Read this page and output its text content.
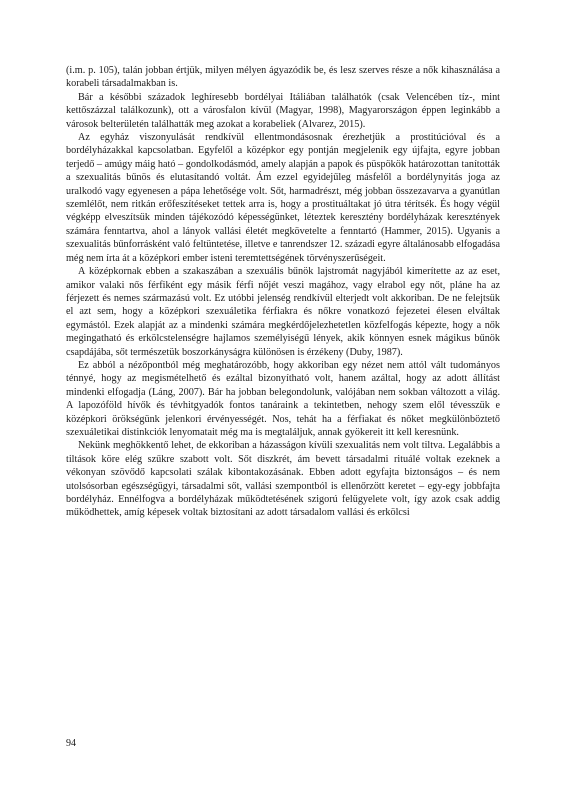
(i.m. p. 105), talán jobban értjük, milyen mélyen ágyazódik be, és lesz szerves része a nők kihasználása a korabeli társadalmakban is.

Bár a későbbi századok leghíresebb bordélyai Itáliában találhatók (csak Velencében tíz-, mint kettőszázzal találkozunk), ott a városfalon kívül (Magyar, 1998), Magyarországon éppen leginkább a városok belterületén találhatták meg azokat a korabeliek (Alvarez, 2015).

Az egyház viszonyulását rendkívül ellentmondásosnak érezhetjük a prostitúcióval és a bordélyházakkal kapcsolatban. Egyfelől a középkor egy pontján megjelenik egy újfajta, egyre jobban terjedő – amúgy máig ható – gondolkodásmód, amely alapján a papok és püspökök határozottan tanították a szexualitás bűnös és elutasítandó voltát. Ám ezzel egyidejűleg másfelől a bordélynyitás joga az uralkodó vagy egyenesen a pápa lehetősége volt. Sőt, harmadrészt, még jobban összezavarva a gyanútlan szemlélőt, nem ritkán erőfeszítéseket tettek arra is, hogy a prostituáltakat jó útra térítsék. És hogy végül végképp elveszítsük minden tájékozódó képességünket, léteztek keresztény bordélyházak keresztények számára fenntartva, ahol a lányok vallási életét megkövetelte a fenntartó (Hammer, 2015). Ugyanis a szexualitás bűnforrásként való feltüntetése, illetve e tanrendszer 12. századi egyre általánosabb elfogadása még nem írta át a középkori ember isteni teremtettségének törvényszerűségeit.

A középkornak ebben a szakaszában a szexuális bűnök lajstromát nagyjából kimerítette az az eset, amikor valaki nős férfiként egy másik férfi nőjét veszi magához, vagy elrabol egy nőt, pláne ha az férjezett és nemes származású volt. Ez utóbbi jelenség rendkívül elterjedt volt akkoriban. De ne felejtsük el azt sem, hogy a középkori szexuáletika férfiakra és nőkre vonatkozó fejezetei élesen elváltak egymástól. Ezek alapját az a mindenki számára megkérdőjelezhetetlen közfelfogás képezte, hogy a nők megingatható és erkölcstelenségre hajlamos személyiségű lények, akik könnyen esnek mágikus bűnök csapdájába, sőt természetük boszorkányságra különösen is érzékeny (Duby, 1987).

Ez abból a nézőpontból még meghatározóbb, hogy akkoriban egy nézet nem attól vált tudományos ténnyé, hogy az megismételhető és ezáltal bizonyítható volt, hanem azáltal, hogy az adott állítást mindenki elfogadja (Láng, 2007). Bár ha jobban belegondolunk, valójában nem sokban változott a világ. A lapozóföld hívők és tévhitgyadók fontos tanáraink a tekintetben, nehogy szem elől tévesszük e középkori örökségünk jelenkori érvényességét. Nos, tehát ha a férfiakat és nőket megkülönböztető szexuáletikai distinkciók lenyomatait még ma is megtaláljuk, annak gyökereit itt kell keresnünk.

Nekünk meghökkentő lehet, de ekkoriban a házasságon kívüli szexualitás nem volt tiltva. Legalábbis a tiltások köre elég szűkre szabott volt. Sőt diszkrét, ám bevett társadalmi rituálé voltak ezeknek a vékonyan szövődő kapcsolati szálak kibontakozásának. Ebben adott egyfajta biztonságos – és nem utolsósorban egészségügyi, társadalmi sőt, vallási szempontból is ellenőrzött keretet – egy-egy jobbfajta bordélyház. Ennélfogva a bordélyházak működtetésének szigorú felügyelete volt, így azok csak addig működhettek, amíg képesek voltak biztosítani az adott társadalom vallási és erkölcsi

94
